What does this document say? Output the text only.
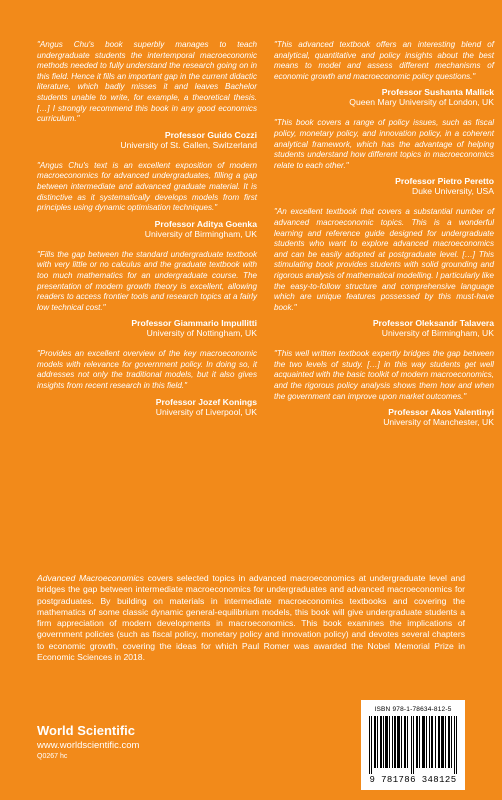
"Angus Chu's book superbly manages to teach undergraduate students the intertemporal macroeconomic methods needed to fully understand the research going on in this field. Hence it fills an important gap in the current didactic literature, which badly misses it and leaves Bachelor students unable to write, for example, a theoretical thesis. […] I strongly recommend this book in any good economics curriculum."

Professor Guido Cozzi
University of St. Gallen, Switzerland

"Angus Chu's text is an excellent exposition of modern macroeconomics for advanced undergraduates, filling a gap between intermediate and advanced graduate material. It is distinctive as it systematically develops models from first principles using dynamic optimisation techniques."

Professor Aditya Goenka
University of Birmingham, UK

"Fills the gap between the standard undergraduate textbook with very little or no calculus and the graduate textbook with too much mathematics for an undergraduate course. The presentation of modern growth theory is excellent, allowing readers to access frontier tools and research topics at a fairly low technical cost."

Professor Giammario Impullitti
University of Nottingham, UK

"Provides an excellent overview of the key macroeconomic models with relevance for government policy. In doing so, it addresses not only the traditional models, but it also gives insights from recent research in this field."

Professor Jozef Konings
University of Liverpool, UK

"This advanced textbook offers an interesting blend of analytical, quantitative and policy insights about the best means to model and assess different mechanisms of economic growth and macroeconomic policy questions."

Professor Sushanta Mallick
Queen Mary University of London, UK

"This book covers a range of policy issues, such as fiscal policy, monetary policy, and innovation policy, in a coherent analytical framework, which has the advantage of helping students understand how different topics in macroeconomics relate to each other."

Professor Pietro Peretto
Duke University, USA

"An excellent textbook that covers a substantial number of advanced macroeconomic topics. This is a wonderful learning and reference guide designed for undergraduate students who want to explore advanced macroeconomics and can be easily adopted at postgraduate level. […] This stimulating book provides students with solid grounding and rigorous analysis of mathematical modelling. I particularly like the easy-to-follow structure and comprehensive language which are unique features possessed by this must-have book."

Professor Oleksandr Talavera
University of Birmingham, UK

"This well written textbook expertly bridges the gap between the two levels of study. […] in this way students get well acquainted with the basic toolkit of modern macroeconomics, and the rigorous policy analysis shows them how and when the government can improve upon market outcomes."

Professor Akos Valentinyi
University of Manchester, UK

Advanced Macroeconomics covers selected topics in advanced macroeconomics at undergraduate level and bridges the gap between intermediate macroeconomics for undergraduates and advanced macroeconomics for postgraduates. By building on materials in intermediate macroeconomics textbooks and covering the mathematics of some classic dynamic general-equilibrium models, this book will give undergraduate students a firm appreciation of modern developments in macroeconomics. This book examines the implications of government policies (such as fiscal policy, monetary policy and innovation policy) and devotes several chapters to economic growth, covering the ideas for which Paul Romer was awarded the Nobel Memorial Prize in Economic Sciences in 2018.

World Scientific
www.worldscientific.com
Q0267 hc
ISBN 978-1-78634-812-5
9 781786 348125
